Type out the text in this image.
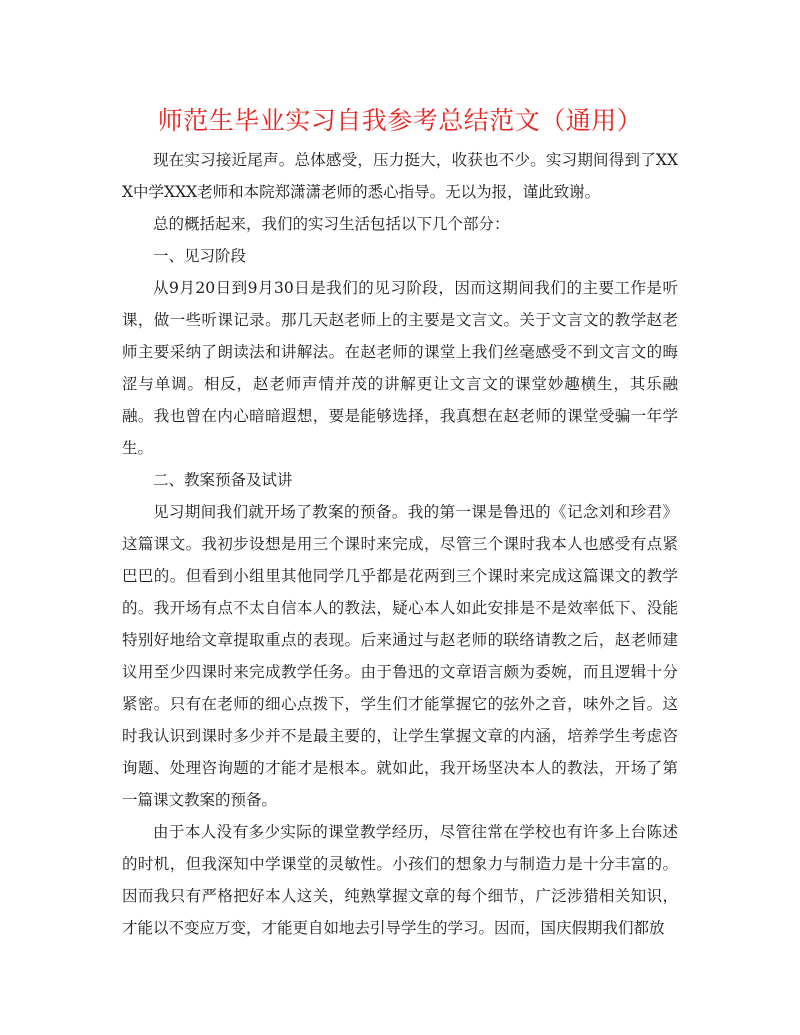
师范生毕业实习自我参考总结范文（通用）

现在实习接近尾声。总体感受，压力挺大，收获也不少。实习期间得到了XXX中学XXX老师和本院郑潇潇老师的悉心指导。无以为报，谨此致谢。

总的概括起来，我们的实习生活包括以下几个部分：

一、见习阶段

从9月20日到9月30日是我们的见习阶段，因而这期间我们的主要工作是听课，做一些听课记录。那几天赵老师上的主要是文言文。关于文言文的教学赵老师主要采纳了朗读法和讲解法。在赵老师的课堂上我们丝毫感受不到文言文的晦涩与单调。相反，赵老师声情并茂的讲解更让文言文的课堂妙趣横生，其乐融融。我也曾在内心暗暗遐想，要是能够选择，我真想在赵老师的课堂受骗一年学生。

二、教案预备及试讲

见习期间我们就开场了教案的预备。我的第一课是鲁迅的《记念刘和珍君》这篇课文。我初步设想是用三个课时来完成，尽管三个课时我本人也感受有点紧巴巴的。但看到小组里其他同学几乎都是花两到三个课时来完成这篇课文的教学的。我开场有点不太自信本人的教法，疑心本人如此安排是不是效率低下、没能特别好地给文章提取重点的表现。后来通过与赵老师的联络请教之后，赵老师建议用至少四课时来完成教学任务。由于鲁迅的文章语言颇为委婉，而且逻辑十分紧密。只有在老师的细心点拨下，学生们才能掌握它的弦外之音，味外之旨。这时我认识到课时多少并不是最主要的，让学生掌握文章的内涵，培养学生考虑咨询题、处理咨询题的才能才是根本。就如此，我开场坚决本人的教法，开场了第一篇课文教案的预备。

由于本人没有多少实际的课堂教学经历，尽管往常在学校也有许多上台陈述的时机，但我深知中学课堂的灵敏性。小孩们的想象力与制造力是十分丰富的。因而我只有严格把好本人这关，纯熟掌握文章的每个细节，广泛涉猎相关知识，才能以不变应万变，才能更自如地去引导学生的学习。因而，国庆假期我们都放
